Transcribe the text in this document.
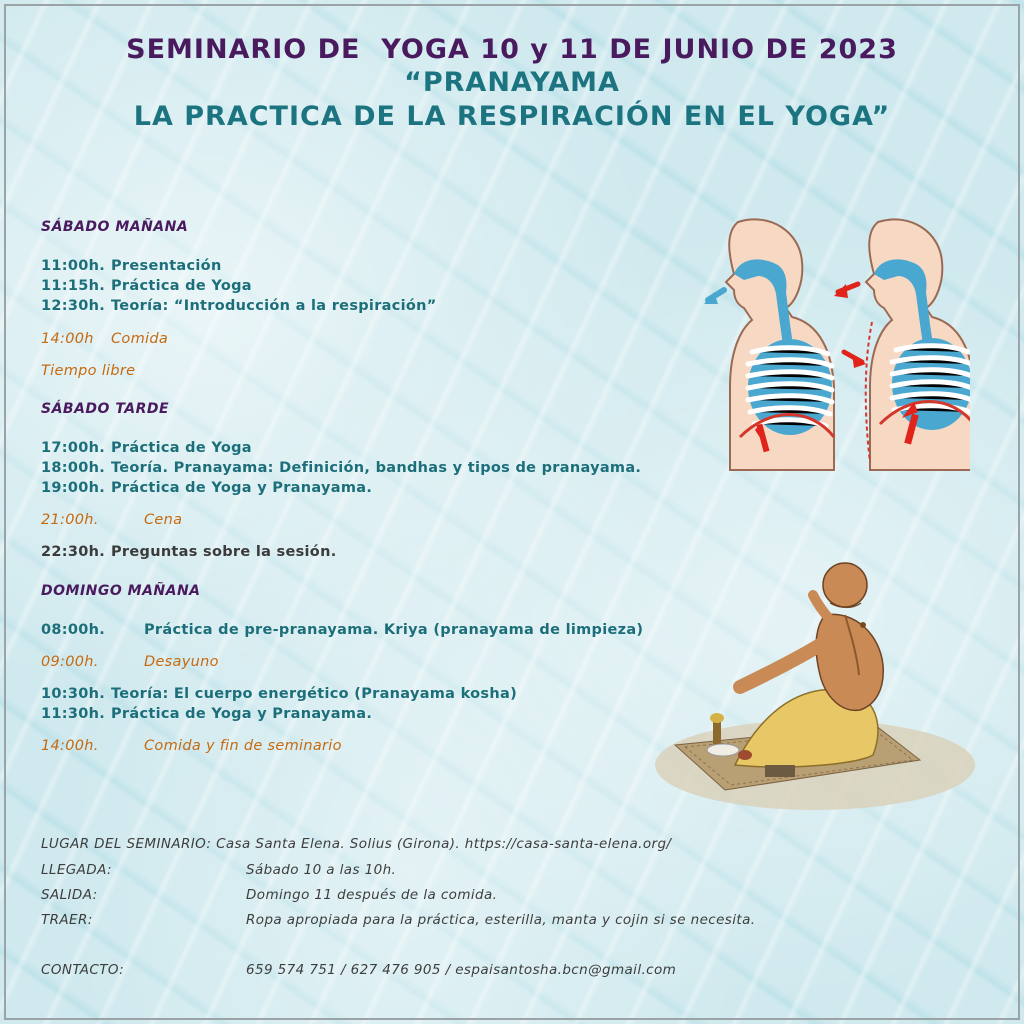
SEMINARIO DE  YOGA 10 y 11 DE JUNIO DE 2023
“PRANAYAMA
LA PRACTICA DE LA RESPIRACIÓN EN EL YOGA”
SÁBADO MAÑANA
11:00h. Presentación
11:15h. Práctica de Yoga
12:30h. Teoría: “Introducción a la respiración”
14:00h Comida
Tiempo libre
SÁBADO TARDE
17:00h. Práctica de Yoga
18:00h. Teoría. Pranayama: Definición, bandhas y tipos de pranayama.
19:00h. Práctica de Yoga y Pranayama.
21:00h.	Cena
22:30h. Preguntas sobre la sesión.
DOMINGO MAÑANA
08:00h.	Práctica de pre-pranayama. Kriya (pranayama de limpieza)
09:00h.	Desayuno
10:30h. Teoría: El cuerpo energético (Pranayama kosha)
11:30h. Práctica de Yoga y Pranayama.
14:00h.	Comida y fin de seminario
LUGAR DEL SEMINARIO: Casa Santa Elena. Solius (Girona). https://casa-santa-elena.org/
LLEGADA:	Sábado 10 a las 10h.
SALIDA:	Domingo 11 después de la comida.
TRAER:	Ropa apropiada para la práctica, esterilla, manta y cojin si se necesita.
CONTACTO:	659 574 751 / 627 476 905 / espaisantosha.bcn@gmail.com
